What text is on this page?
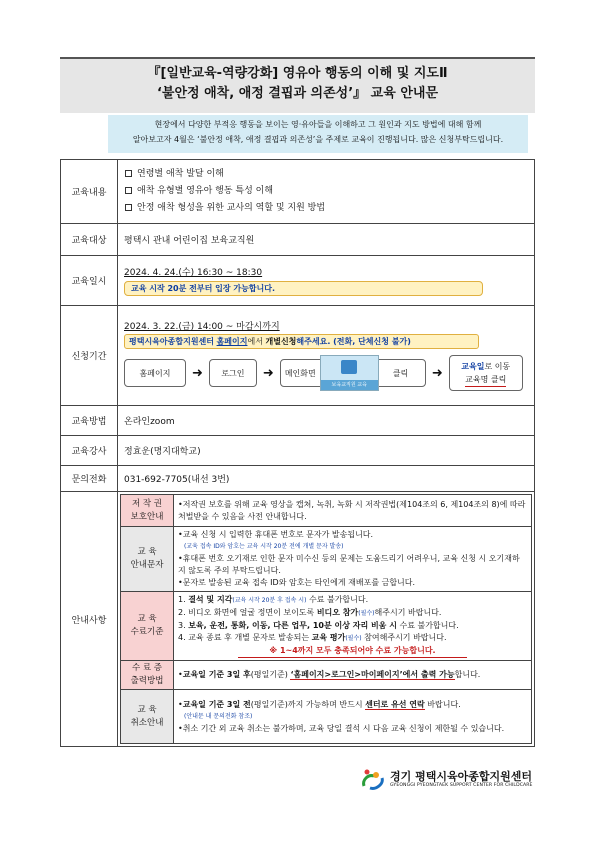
『[일반교육-역량강화] 영유아 행동의 이해 및 지도Ⅱ
‘불안정 애착, 애정 결핍과 의존성’』 교육 안내문
현장에서 다양한 부적응 행동을 보이는 영·유아들을 이해하고 그 원인과 지도 방법에 대해 함께
알아보고자 4월은 ‘불안정 애착, 애정 결핍과 의존성’을 주제로 교육이 진행됩니다. 많은 신청부탁드립니다.
교육내용	
연령별 애착 발달 이해
애착 유형별 영유아 행동 특성 이해
안정 애착 형성을 위한 교사의 역할 및 지원 방법

교육대상	평택시 관내 어린이집 보육교직원
교육일시	
2024. 4. 24.(수) 16:30 ~ 18:30
교육 시작 20분 전부터 입장 가능합니다.
신청기간	
2024. 3. 22.(금) 14:00 ~ 마감시까지
평택시육아종합지원센터 홈페이지에서 개별신청해주세요. (전화, 단체신청 불가)
홈페이지	➜	로그인	➜ 메인화면
보육교직원 교육
클릭 ➜ 교육일로 이동
교육명 클릭

교육방법	온라인zoom
교육강사	정효운(명지대학교)
문의전화	031-692-7705(내선 3번)
안내사항	
저 작 권
보호안내
	•저작권 보호를 위해 교육 영상을 캡쳐, 녹취, 녹화 시 저작권법(제104조의 6, 제104조의 8)에 따라 처벌받을 수 있음을 사전 안내합니다.

교 육
안내문자

•교육 신청 시 입력한 휴대폰 번호로 문자가 발송됩니다.
(교육 접속 ID와 암호는 교육 시작 20분 전에 개별 문자 발송)
•휴대폰 번호 오기재로 인한 문자 미수신 등의 문제는 도움드리기 어려우니, 교육 신청 시 오기재하지 않도록 주의 부탁드립니다.
•문자로 발송된 교육 접속 ID와 암호는 타인에게 재배포를 금합니다.

교 육
수료기준

1. 결석 및 지각(교육 시작 20분 후 접속 시) 수료 불가합니다.
2. 비디오 화면에 얼굴 정면이 보이도록 비디오 참가(필수)해주시기 바랍니다.
3. 보육, 운전, 통화, 이동, 다른 업무, 10분 이상 자리 비움 시 수료 불가합니다.
4. 교육 종료 후 개별 문자로 발송되는 교육 평가(필수) 참여해주시기 바랍니다.
※ 1~4까지 모두 충족되어야 수료 가능합니다.

수 료 증
출력방법
	•교육일 기준 3일 후(평일기준) ‘홈페이지>로그인>마이페이지’에서 출력 가능합니다.

교 육
취소안내

•교육일 기준 3일 전(평일기준)까지 가능하며 반드시 센터로 유선 연락 바랍니다.
(안내문 내 문의전화 참조)
•취소 기간 외 교육 취소는 불가하며, 교육 당일 결석 시 다음 교육 신청이 제한될 수 있습니다.
경기 평택시육아종합지원센터
GYEONGGI PYEONGTAEK SUPPORT CENTER FOR CHILDCARE
